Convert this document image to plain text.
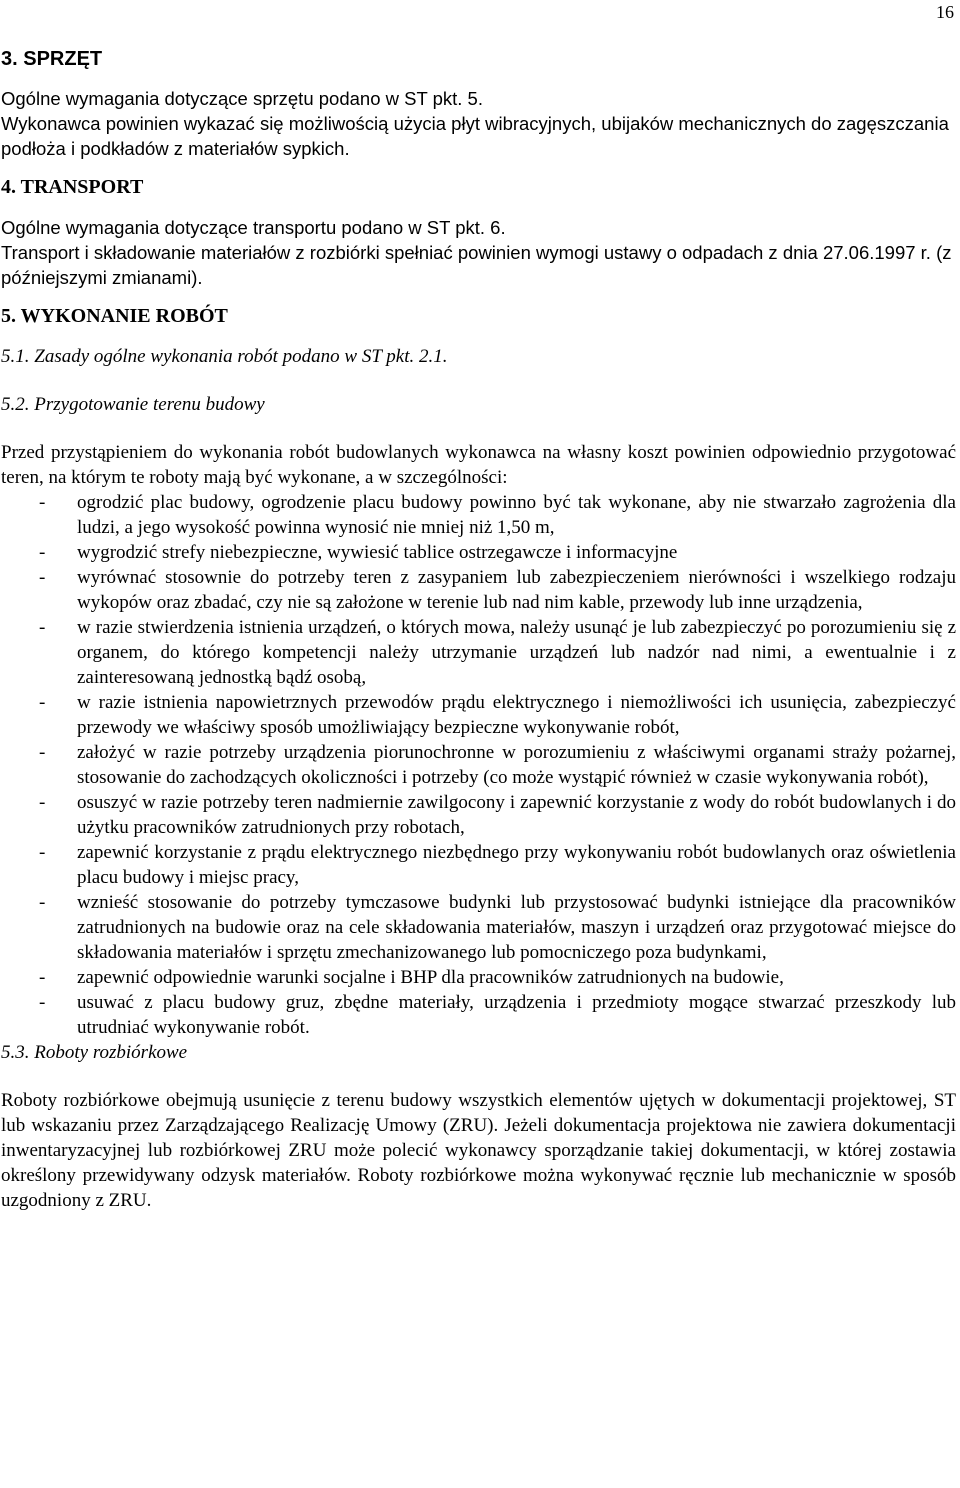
16
3. SPRZĘT

Ogólne wymagania dotyczące sprzętu podano w ST pkt. 5.

Wykonawca powinien wykazać się możliwością użycia płyt wibracyjnych, ubijaków mechanicznych do zagęszczania podłoża i podkładów z materiałów sypkich.

4. TRANSPORT

Ogólne wymagania dotyczące transportu podano w ST pkt. 6.

Transport i składowanie materiałów z rozbiórki spełniać powinien wymogi ustawy o odpadach z dnia 27.06.1997 r. (z późniejszymi zmianami).

5. WYKONANIE ROBÓT
5.1. Zasady ogólne wykonania robót podano w ST pkt. 2.1.
5.2. Przygotowanie terenu budowy

Przed przystąpieniem do wykonania robót budowlanych wykonawca na własny koszt powinien odpowiednio przygotować teren, na którym te roboty mają być wykonane, a w szczególności:

- ogrodzić plac budowy, ogrodzenie placu budowy powinno być tak wykonane, aby nie stwarzało zagrożenia dla ludzi, a jego wysokość powinna wynosić nie mniej niż 1,50 m,
- wygrodzić strefy niebezpieczne, wywiesić tablice ostrzegawcze i informacyjne
- wyrównać stosownie do potrzeby teren z zasypaniem lub zabezpieczeniem nierówności i wszelkiego rodzaju wykopów oraz zbadać, czy nie są założone w terenie lub nad nim kable, przewody lub inne urządzenia,
- w razie stwierdzenia istnienia urządzeń, o których mowa, należy usunąć je lub zabezpieczyć po porozumieniu się z organem, do którego kompetencji należy utrzymanie urządzeń lub nadzór nad nimi, a ewentualnie i z zainteresowaną jednostką bądź osobą,
- w razie istnienia napowietrznych przewodów prądu elektrycznego i niemożliwości ich usunięcia, zabezpieczyć przewody we właściwy sposób umożliwiający bezpieczne wykonywanie robót,
- założyć w razie potrzeby urządzenia piorunochronne w porozumieniu z właściwymi organami straży pożarnej, stosowanie do zachodzących okoliczności i potrzeby (co może wystąpić również w czasie wykonywania robót),
- osuszyć w razie potrzeby teren nadmiernie zawilgocony i zapewnić korzystanie z wody do robót budowlanych i do użytku pracowników zatrudnionych przy robotach,
- zapewnić korzystanie z prądu elektrycznego niezbędnego przy wykonywaniu robót budowlanych oraz oświetlenia placu budowy i miejsc pracy,
- wznieść stosowanie do potrzeby tymczasowe budynki lub przystosować budynki istniejące dla pracowników zatrudnionych na budowie oraz na cele składowania materiałów, maszyn i urządzeń oraz przygotować miejsce do składowania materiałów i sprzętu zmechanizowanego lub pomocniczego poza budynkami,
- zapewnić odpowiednie warunki socjalne i BHP dla pracowników zatrudnionych na budowie,
- usuwać z placu budowy gruz, zbędne materiały, urządzenia i przedmioty mogące stwarzać przeszkody lub utrudniać wykonywanie robót.
5.3. Roboty rozbiórkowe

Roboty rozbiórkowe obejmują usunięcie z terenu budowy wszystkich elementów ujętych w dokumentacji projektowej, ST lub wskazaniu przez Zarządzającego Realizację Umowy (ZRU). Jeżeli dokumentacja projektowa nie zawiera dokumentacji inwentaryzacyjnej lub rozbiórkowej ZRU może polecić wykonawcy sporządzanie takiej dokumentacji, w której zostawia określony przewidywany odzysk materiałów. Roboty rozbiórkowe można wykonywać ręcznie lub mechanicznie w sposób uzgodniony z ZRU.
